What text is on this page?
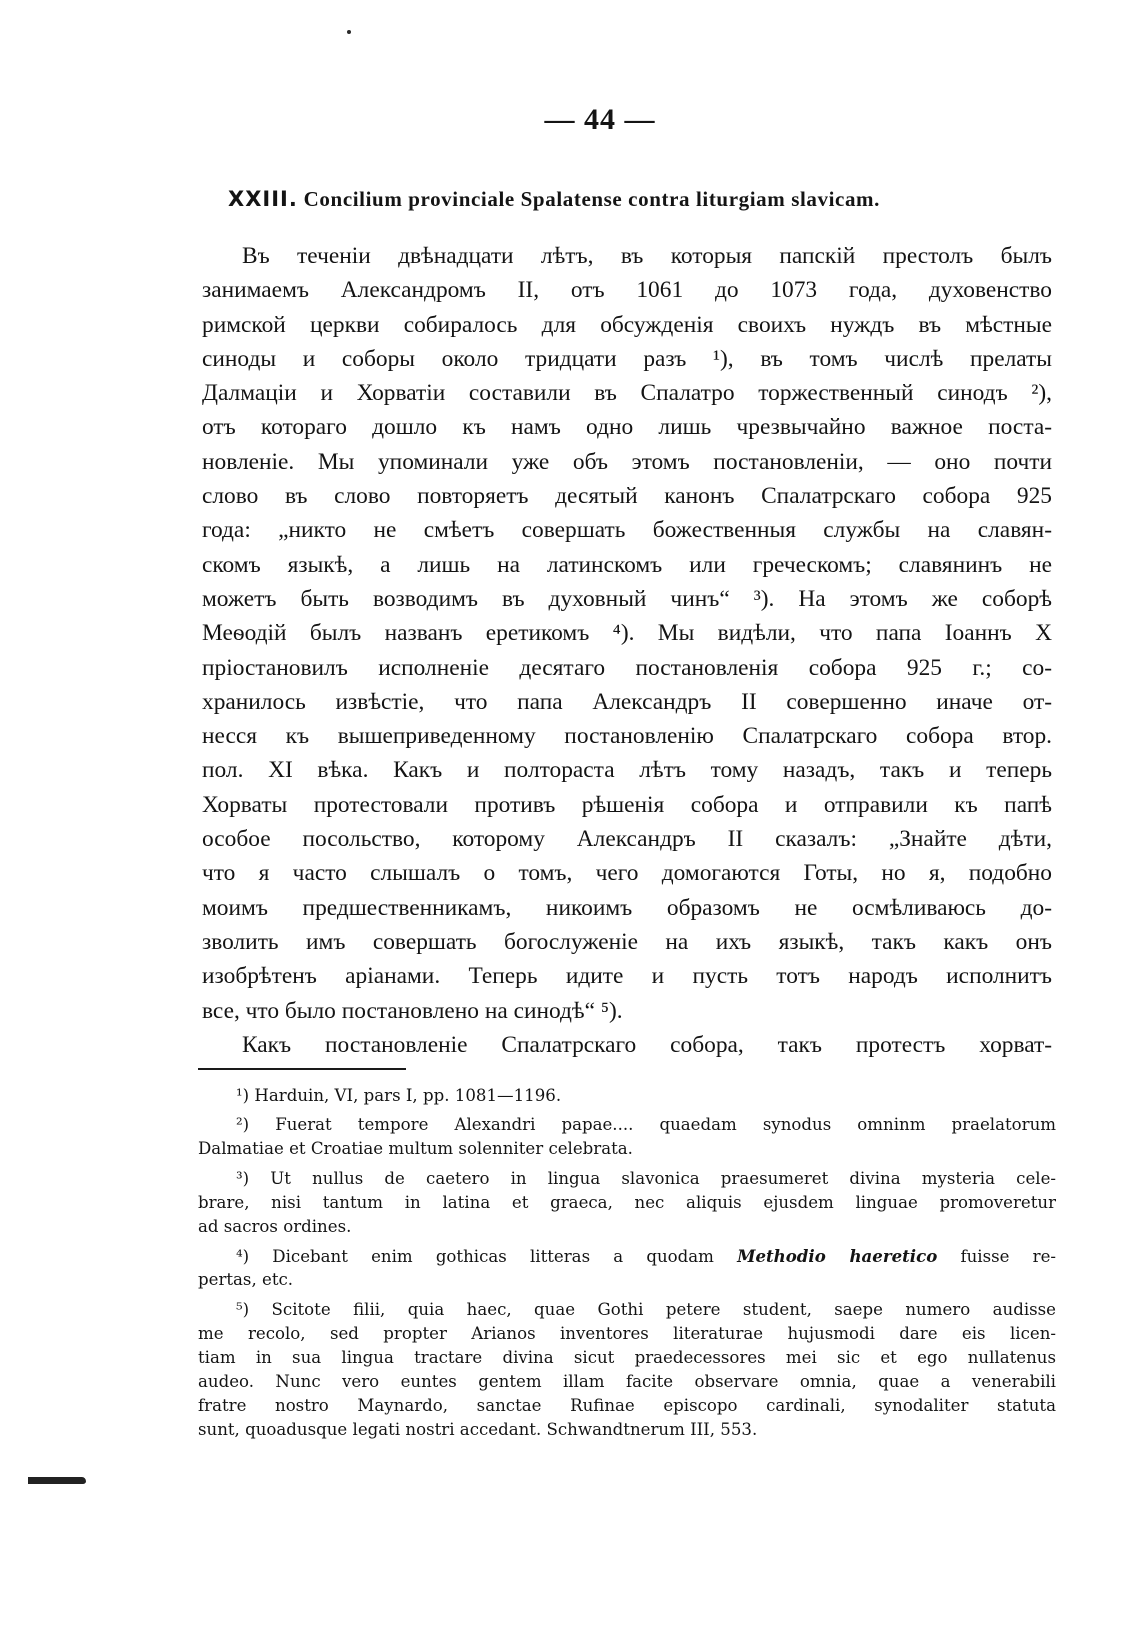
— 44 —
XXIII. Concilium provinciale Spalatense contra liturgiam slavicam.
Въ теченіи двѣнадцати лѣтъ, въ которыя папскій престолъ былъ
занимаемъ Александромъ II, отъ 1061 до 1073 года, духовенство
римской церкви собиралось для обсужденія своихъ нуждъ въ мѣстные
синоды и соборы около тридцати разъ ¹), въ томъ числѣ прелаты
Далмаціи и Хорватіи составили въ Спалатро торжественный синодъ ²),
отъ котораго дошло къ намъ одно лишь чрезвычайно важное поста-
новленіе. Мы упоминали уже объ этомъ постановленіи, — оно почти
слово въ слово повторяетъ десятый канонъ Спалатрскаго собора 925
года: „никто не смѣетъ совершать божественныя службы на славян-
скомъ языкѣ, а лишь на латинскомъ или греческомъ; славянинъ не
можетъ быть возводимъ въ духовный чинъ“ ³). На этомъ же соборѣ
Меѳодій былъ названъ еретикомъ ⁴). Мы видѣли, что папа Іоаннъ X
пріостановилъ исполненіе десятаго постановленія собора 925 г.; со-
хранилось извѣстіе, что папа Александръ II совершенно иначе от-
несся къ вышеприведенному постановленію Спалатрскаго собора втор.
пол. XI вѣка. Какъ и полтораста лѣтъ тому назадъ, такъ и теперь
Хорваты протестовали противъ рѣшенія собора и отправили къ папѣ
особое посольство, которому Александръ II сказалъ: „Знайте дѣти,
что я часто слышалъ о томъ, чего домогаются Готы, но я, подобно
моимъ предшественникамъ, никоимъ образомъ не осмѣливаюсь до-
зволить имъ совершать богослуженіе на ихъ языкѣ, такъ какъ онъ
изобрѣтенъ аріанами. Теперь идите и пусть тотъ народъ исполнитъ
все, что было постановлено на синодѣ“ ⁵).
Какъ постановленіе Спалатрскаго собора, такъ протестъ хорват-
¹) Harduin, VI, pars I, pp. 1081—1196.
²) Fuerat tempore Alexandri papae.... quaedam synodus omninm praelatorum
Dalmatiae et Croatiae multum solenniter celebrata.
³) Ut nullus de caetero in lingua slavonica praesumeret divina mysteria cele-
brare, nisi tantum in latina et graeca, nec aliquis ejusdem linguae promoveretur
ad sacros ordines.
⁴) Dicebant enim gothicas litteras a quodam Methodio haeretico fuisse re-
pertas, etc.
⁵) Scitote filii, quia haec, quae Gothi petere student, saepe numero audisse
me recolo, sed propter Arianos inventores literaturae hujusmodi dare eis licen-
tiam in sua lingua tractare divina sicut praedecessores mei sic et ego nullatenus
audeo. Nunc vero euntes gentem illam facite observare omnia, quae a venerabili
fratre nostro Maynardo, sanctae Rufinae episcopo cardinali, synodaliter statuta
sunt, quoadusque legati nostri accedant. Schwandtnerum III, 553.
